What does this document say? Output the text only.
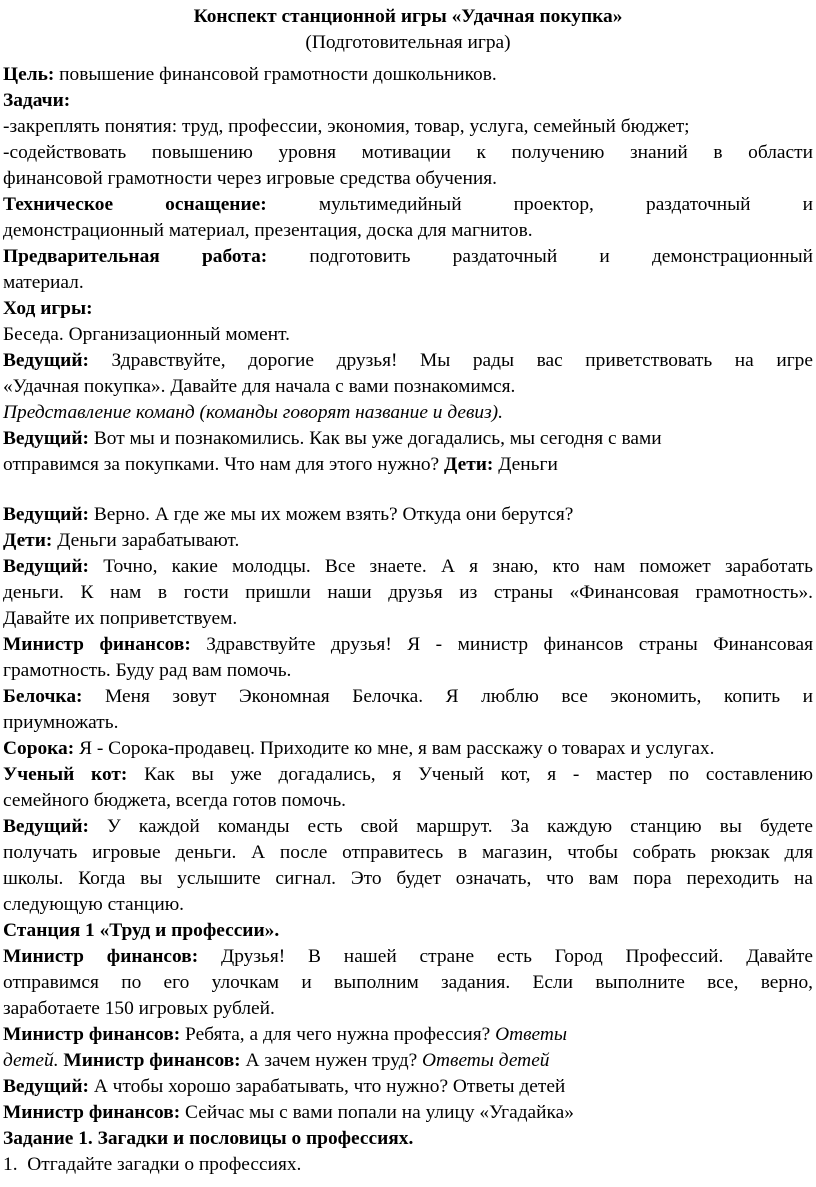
Конспект станционной игры «Удачная покупка»
(Подготовительная игра)
Цель: повышение финансовой грамотности дошкольников.
Задачи:
-закреплять понятия: труд, профессии, экономия, товар, услуга, семейный бюджет;
-содействовать повышению уровня мотивации к получению знаний в области
финансовой грамотности через игровые средства обучения.
Техническое оснащение: мультимедийный проектор, раздаточный и
демонстрационный материал, презентация, доска для магнитов.
Предварительная работа: подготовить раздаточный и демонстрационный
материал.
Ход игры:
Беседа. Организационный момент.
Ведущий: Здравствуйте, дорогие друзья! Мы рады вас приветствовать на игре
«Удачная покупка». Давайте для начала с вами познакомимся.
Представление команд (команды говорят название и девиз).
Ведущий: Вот мы и познакомились. Как вы уже догадались, мы сегодня с вами
отправимся за покупками. Что нам для этого нужно? Дети: Деньги
Ведущий: Верно. А где же мы их можем взять? Откуда они берутся?
Дети: Деньги зарабатывают.
Ведущий: Точно, какие молодцы. Все знаете. А я знаю, кто нам поможет заработать
деньги. К нам в гости пришли наши друзья из страны «Финансовая грамотность».
Давайте их поприветствуем.
Министр финансов: Здравствуйте друзья! Я - министр финансов страны Финансовая
грамотность. Буду рад вам помочь.
Белочка: Меня зовут Экономная Белочка. Я люблю все экономить, копить и
приумножать.
Сорока: Я - Сорока-продавец. Приходите ко мне, я вам расскажу о товарах и услугах.
Ученый кот: Как вы уже догадались, я Ученый кот, я - мастер по составлению
семейного бюджета, всегда готов помочь.
Ведущий: У каждой команды есть свой маршрут. За каждую станцию вы будете
получать игровые деньги. А после отправитесь в магазин, чтобы собрать рюкзак для
школы. Когда вы услышите сигнал. Это будет означать, что вам пора переходить на
следующую станцию.
Станция 1 «Труд и профессии».
Министр финансов: Друзья! В нашей стране есть Город Профессий. Давайте
отправимся по его улочкам и выполним задания. Если выполните все, верно,
заработаете 150 игровых рублей.
Министр финансов: Ребята, а для чего нужна профессия? Ответы
детей. Министр финансов: А зачем нужен труд? Ответы детей
Ведущий: А чтобы хорошо зарабатывать, что нужно? Ответы детей
Министр финансов: Сейчас мы с вами попали на улицу «Угадайка»
Задание 1. Загадки и пословицы о профессиях.
1.  Отгадайте загадки о профессиях.
